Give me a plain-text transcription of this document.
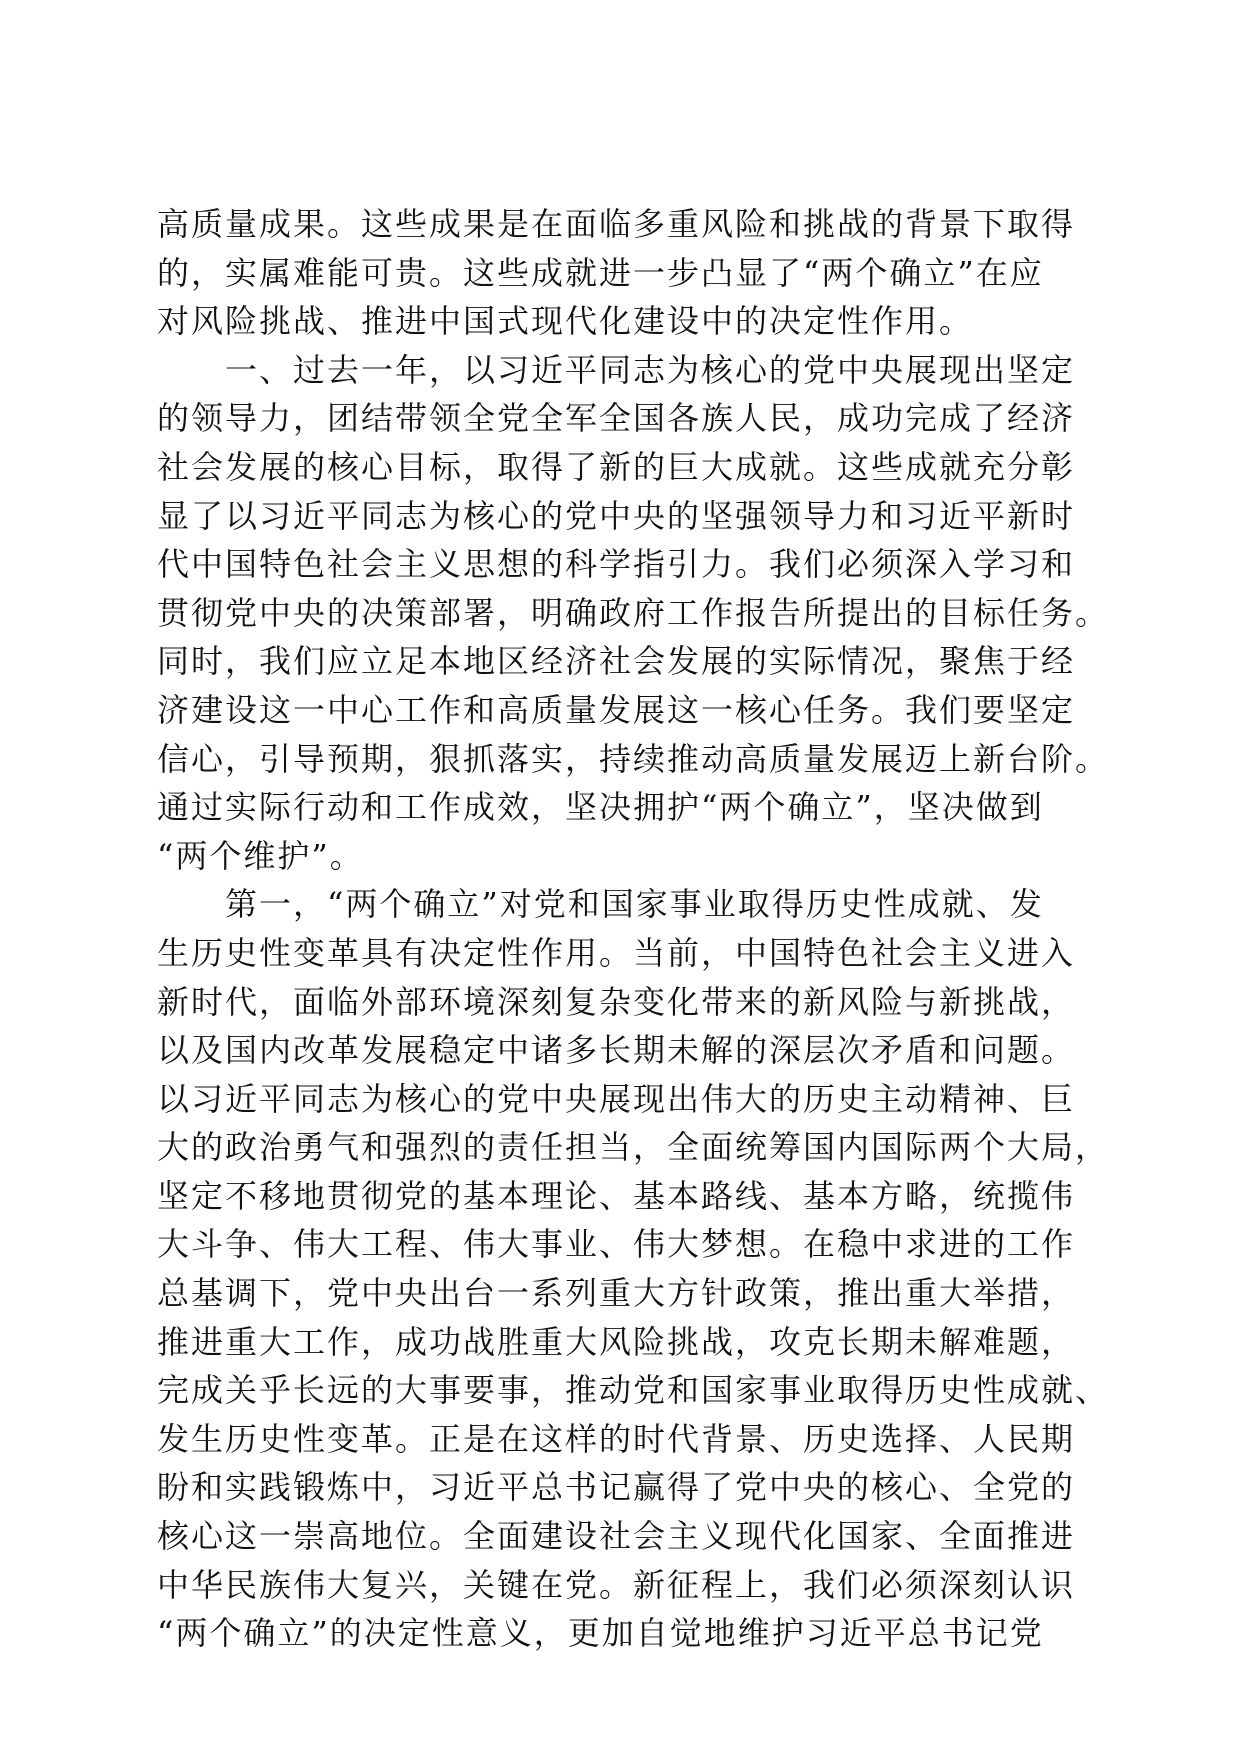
高质量成果。这些成果是在面临多重风险和挑战的背景下取得
的，实属难能可贵。这些成就进一步凸显了“两个确立”在应
对风险挑战、推进中国式现代化建设中的决定性作用。
一、过去一年，以习近平同志为核心的党中央展现出坚定
的领导力，团结带领全党全军全国各族人民，成功完成了经济
社会发展的核心目标，取得了新的巨大成就。这些成就充分彰
显了以习近平同志为核心的党中央的坚强领导力和习近平新时
代中国特色社会主义思想的科学指引力。我们必须深入学习和
贯彻党中央的决策部署，明确政府工作报告所提出的目标任务。
同时，我们应立足本地区经济社会发展的实际情况，聚焦于经
济建设这一中心工作和高质量发展这一核心任务。我们要坚定
信心，引导预期，狠抓落实，持续推动高质量发展迈上新台阶。
通过实际行动和工作成效，坚决拥护“两个确立”，坚决做到
“两个维护”。
第一，“两个确立”对党和国家事业取得历史性成就、发
生历史性变革具有决定性作用。当前，中国特色社会主义进入
新时代，面临外部环境深刻复杂变化带来的新风险与新挑战，
以及国内改革发展稳定中诸多长期未解的深层次矛盾和问题。
以习近平同志为核心的党中央展现出伟大的历史主动精神、巨
大的政治勇气和强烈的责任担当，全面统筹国内国际两个大局，
坚定不移地贯彻党的基本理论、基本路线、基本方略，统揽伟
大斗争、伟大工程、伟大事业、伟大梦想。在稳中求进的工作
总基调下，党中央出台一系列重大方针政策，推出重大举措，
推进重大工作，成功战胜重大风险挑战，攻克长期未解难题，
完成关乎长远的大事要事，推动党和国家事业取得历史性成就、
发生历史性变革。正是在这样的时代背景、历史选择、人民期
盼和实践锻炼中，习近平总书记赢得了党中央的核心、全党的
核心这一崇高地位。全面建设社会主义现代化国家、全面推进
中华民族伟大复兴，关键在党。新征程上，我们必须深刻认识
“两个确立”的决定性意义，更加自觉地维护习近平总书记党
